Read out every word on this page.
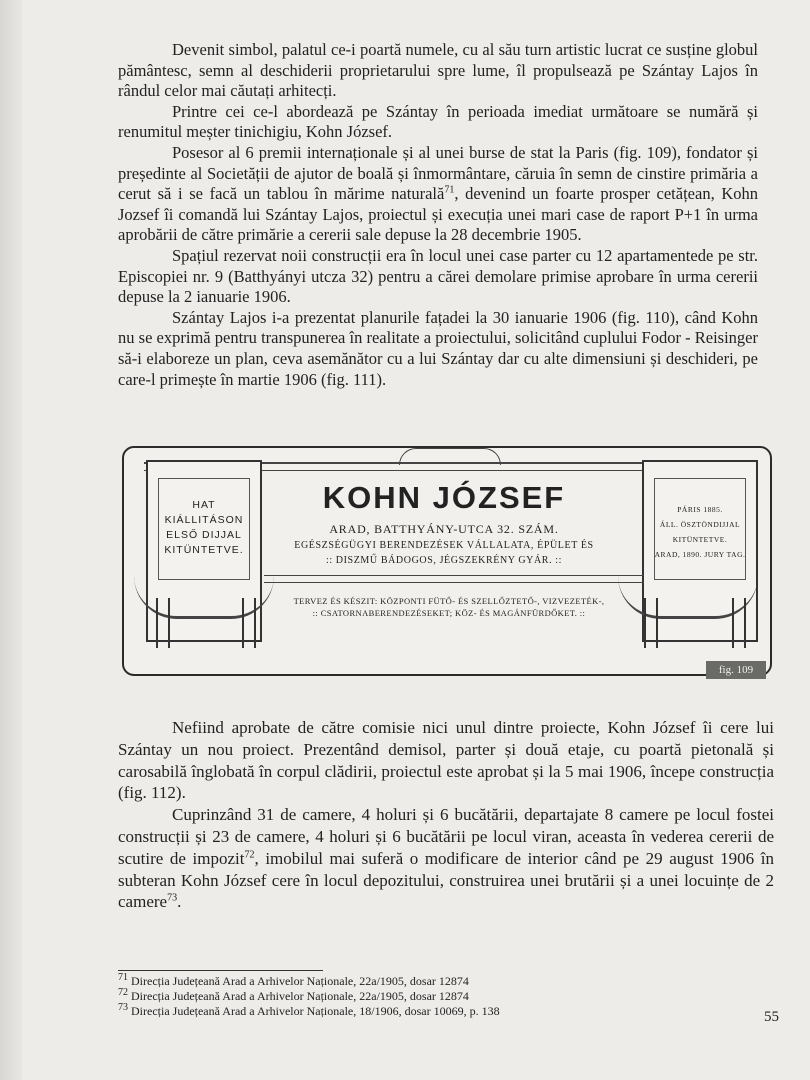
Devenit simbol, palatul ce-i poartă numele, cu al său turn artistic lucrat ce susține globul pământesc, semn al deschiderii proprietarului spre lume, îl propulsează pe Szántay Lajos în rândul celor mai căutați arhitecți.

Printre cei ce-l abordează pe Szántay în perioada imediat următoare se numără și renumitul meșter tinichigiu, Kohn József.

Posesor al 6 premii internaționale și al unei burse de stat la Paris (fig. 109), fondator și președinte al Societății de ajutor de boală și înmormântare, căruia în semn de cinstire primăria a cerut să i se facă un tablou în mărime naturală$^{71}$, devenind un foarte prosper cetățean, Kohn Jozsef îi comandă lui Szántay Lajos, proiectul și execuția unei mari case de raport P+1 în urma aprobării de către primărie a cererii sale depuse la 28 decembrie 1905.

Spațiul rezervat noii construcții era în locul unei case parter cu 12 apartamentede pe str. Episcopiei nr. 9 (Batthyányi utcza 32) pentru a cărei demolare primise aprobare în urma cererii depuse la 2 ianuarie 1906.

Szántay Lajos i-a prezentat planurile fațadei la 30 ianuarie 1906 (fig. 110), când Kohn nu se exprimă pentru transpunerea în realitate a proiectului, solicitând cuplului Fodor - Reisinger să-i elaboreze un plan, ceva asemănător cu a lui Szántay dar cu alte dimensiuni și deschideri, pe care-l primește în martie 1906 (fig. 111).

HAT
KIÁLLITÁSON
ELSŐ DIJJAL
KITÜNTETVE.
PÁRIS 1885.
ÁLL. ÖSZTÖNDIJJAL
KITÜNTETVE.
ARAD, 1890. JURY TAG.
KOHN JÓZSEF
ARAD, BATTHYÁNY-UTCA 32. SZÁM.
EGÉSZSÉGÜGYI BERENDEZÉSEK VÁLLALATA, ÉPÜLET ÉS
:: DISZMŰ BÁDOGOS, JÉGSZEKRÉNY GYÁR. ::
TERVEZ ÉS KÉSZIT: KÖZPONTI FÜTŐ- ÉS SZELLŐZTETŐ-, VIZVEZETÉK-,
:: CSATORNABERENDEZÉSEKET; KÖZ- ÉS MAGÁNFÜRDŐKET. ::
fig. 109

Nefiind aprobate de către comisie nici unul dintre proiecte, Kohn József îi cere lui Szántay un nou proiect. Prezentând demisol, parter și două etaje, cu poartă pietonală și carosabilă înglobată în corpul clădirii, proiectul este aprobat și la 5 mai 1906, începe construcția (fig. 112).

Cuprinzând 31 de camere, 4 holuri și 6 bucătării, departajate 8 camere pe locul fostei construcții și 23 de camere, 4 holuri și 6 bucătării pe locul viran, aceasta în vederea cererii de scutire de impozit$^{72}$, imobilul mai suferă o modificare de interior când pe 29 august 1906 în subteran Kohn József cere în locul depozitului, construirea unei brutării și a unei locuințe de 2 camere$^{73}$.

$^{71}$ Direcția Județeană Arad a Arhivelor Naționale, 22a/1905, dosar 12874
$^{72}$ Direcția Județeană Arad a Arhivelor Naționale, 22a/1905, dosar 12874
$^{73}$ Direcția Județeană Arad a Arhivelor Naționale, 18/1906, dosar 10069, p. 138	55
